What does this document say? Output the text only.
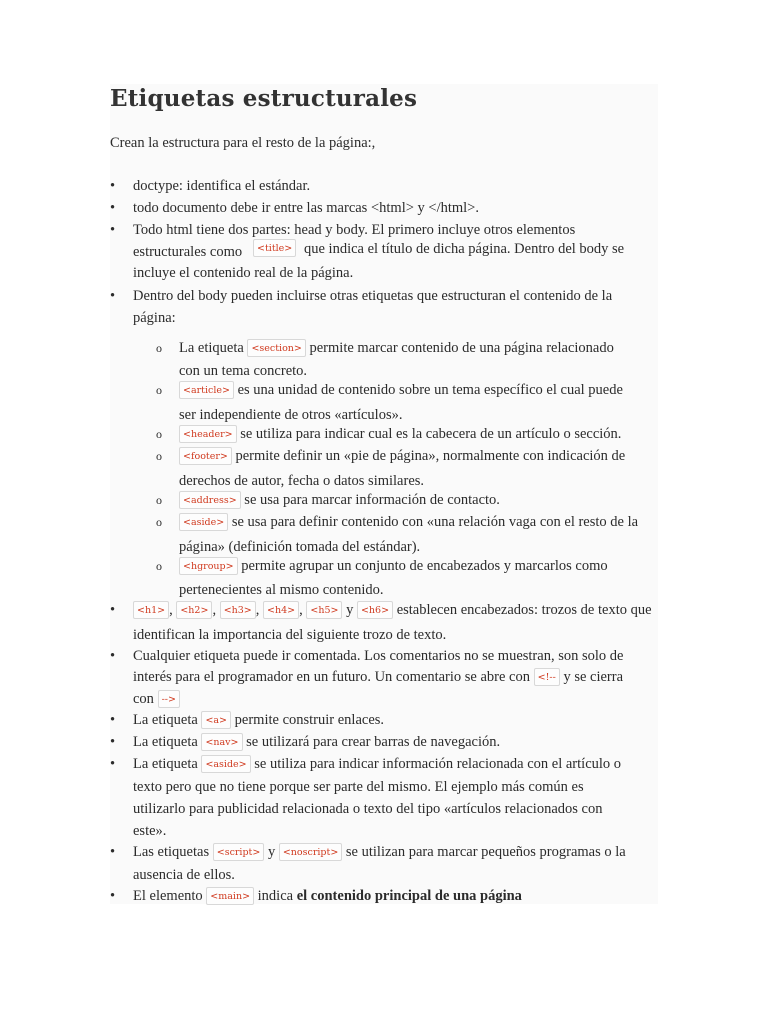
Etiquetas estructurales

Crean la estructura para el resto de la página:,

• doctype: identifica el estándar.

• todo documento debe ir entre las marcas <html> y </html>.

• Todo html tiene dos partes: head y body. El primero incluye otros elementos estructurales como	que indica el título de dicha página. Dentro del body se

<title>

incluye el contenido real de la página.

• Dentro del body pueden incluirse otras etiquetas que estructuran el contenido de la página:

o La etiqueta <section> permite marcar contenido de una página relacionado

con un tema concreto.

o	<article> es una unidad de contenido sobre un tema específico el cual puede

ser independiente de otros «artículos».

o	<header> se utiliza para indicar cual es la cabecera de un artículo o sección.

o	<footer> permite definir un «pie de página», normalmente con indicación de

derechos de autor, fecha o datos similares.

o	<address> se usa para marcar información de contacto.

o	<aside> se usa para definir contenido con «una relación vaga con el resto de la

página» (definición tomada del estándar).

o	<hgroup> permite agrupar un conjunto de encabezados y marcarlos como

pertenecientes al mismo contenido.

•	<h1> , <h2> , <h3> , <h4> , <h5> y <h6> establecen encabezados: trozos de texto que

identifican la importancia del siguiente trozo de texto.

• Cualquier etiqueta puede ir comentada. Los comentarios no se muestran, son solo de

interés para el programador en un futuro. Un comentario se abre con <!-- y se cierra

con -->

• La etiqueta <a> permite construir enlaces.

• La etiqueta <nav> se utilizará para crear barras de navegación.

• La etiqueta <aside> se utiliza para indicar información relacionada con el artículo o

texto pero que no tiene porque ser parte del mismo. El ejemplo más común es

utilizarlo para publicidad relacionada o texto del tipo «artículos relacionados con

este».

• Las etiquetas <script> y <noscript> se utilizan para marcar pequeños programas o la

ausencia de ellos.

• El elemento <main> indica el contenido principal de una página
